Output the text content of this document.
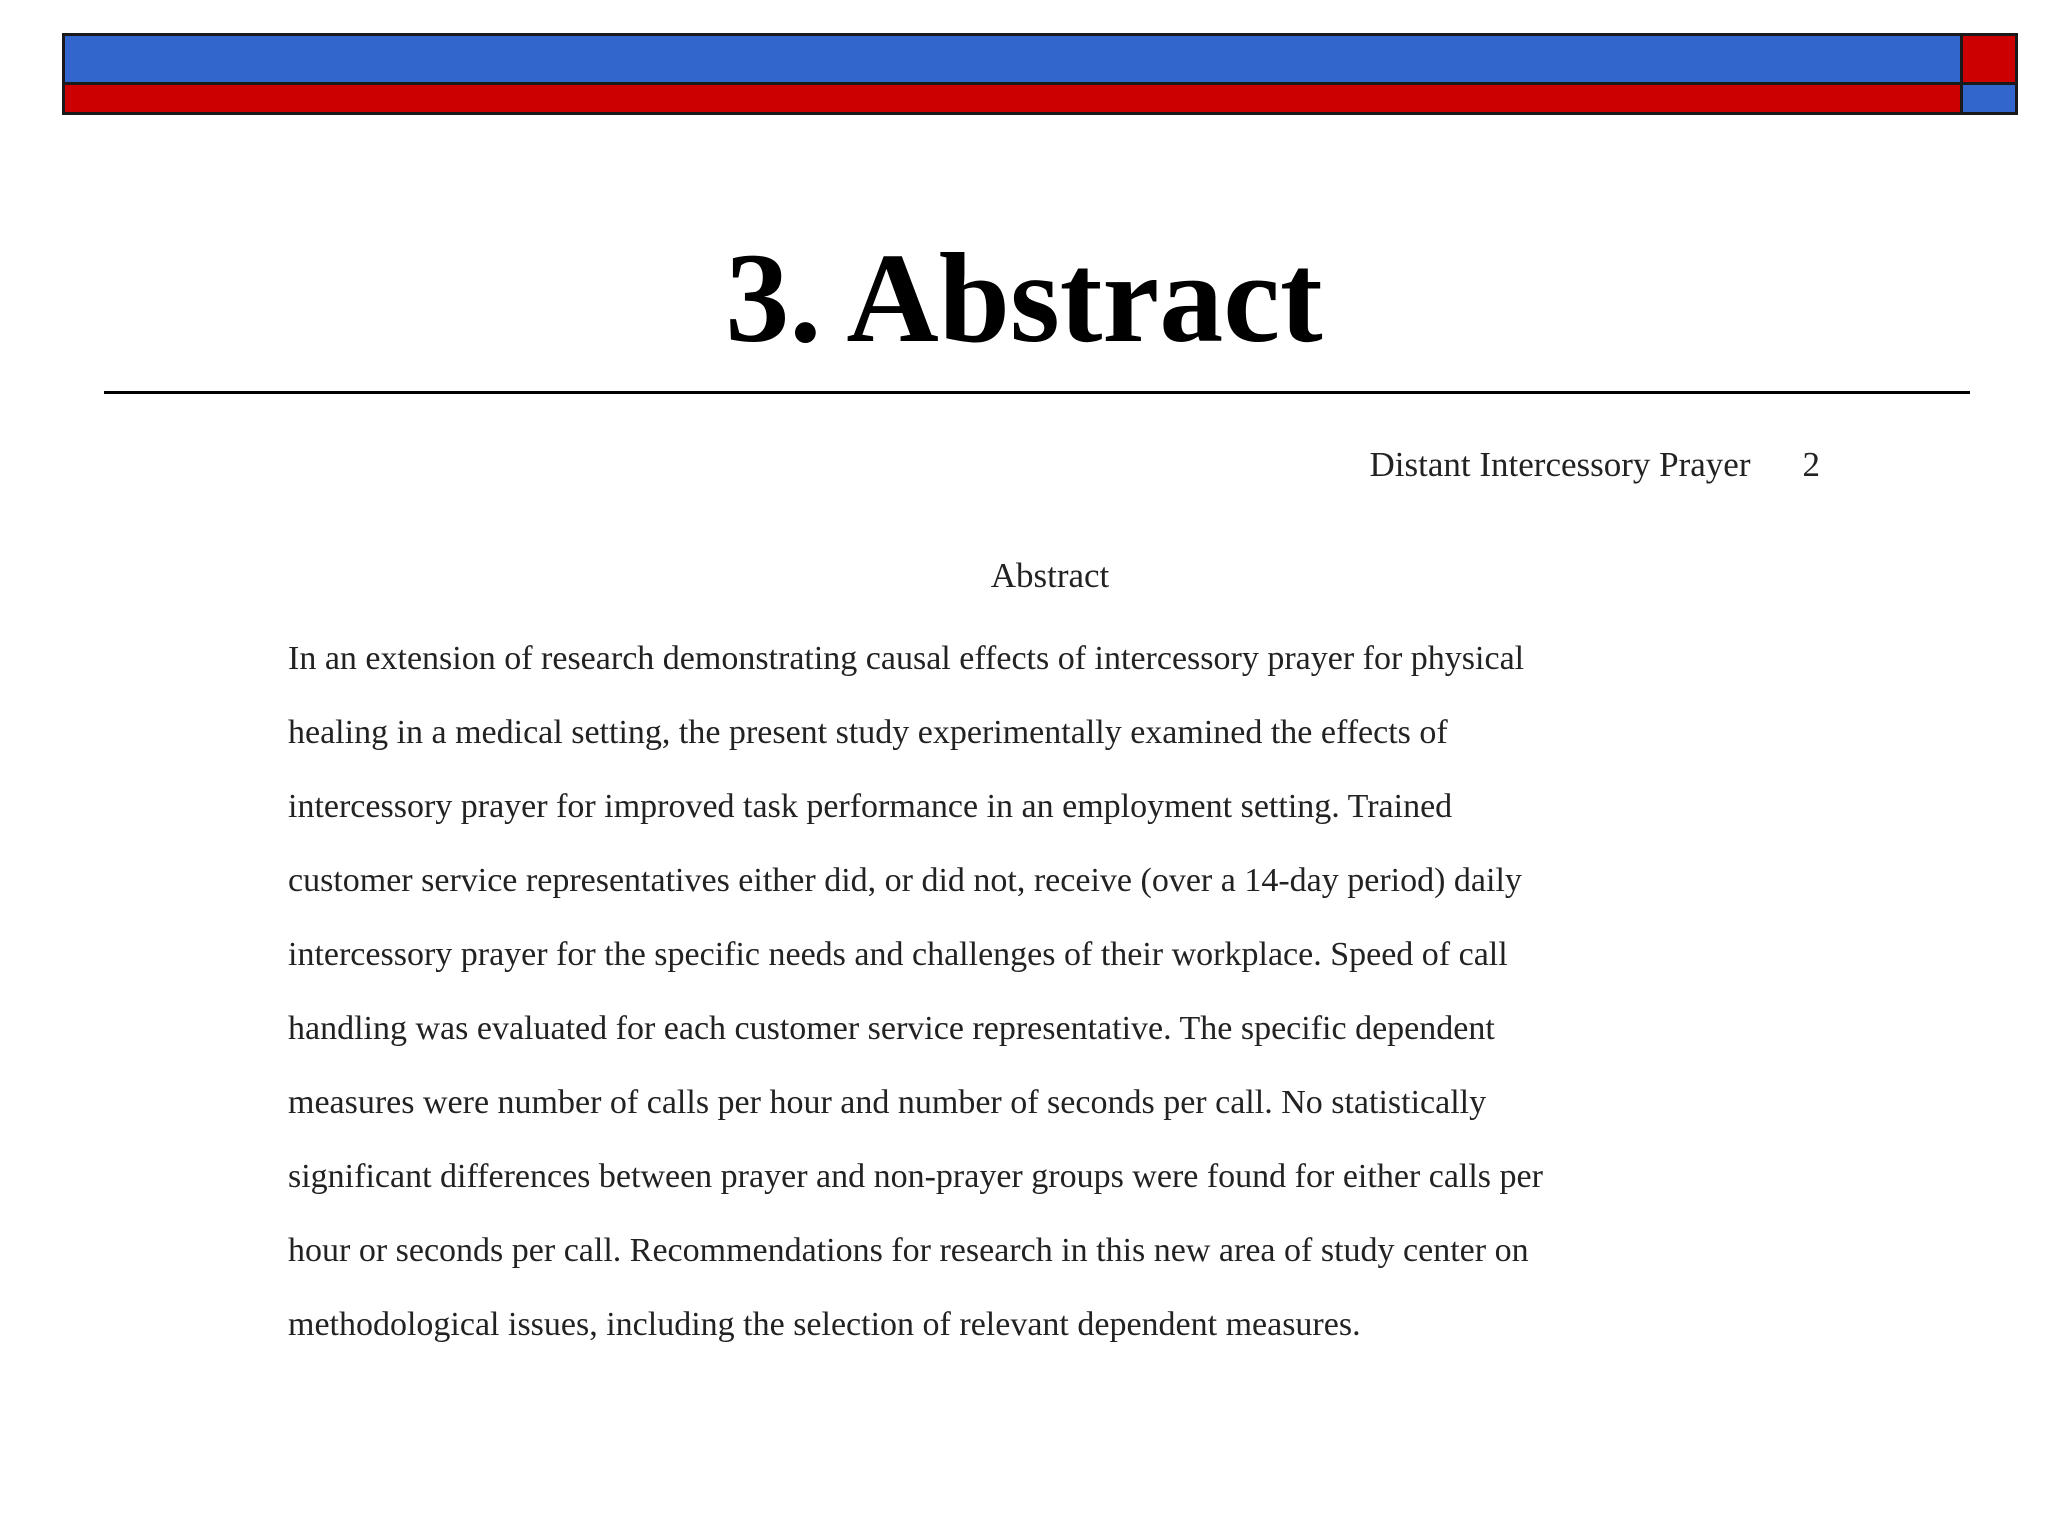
3. Abstract
Distant Intercessory Prayer 2
Abstract
In an extension of research demonstrating causal effects of intercessory prayer for physical
healing in a medical setting, the present study experimentally examined the effects of
intercessory prayer for improved task performance in an employment setting. Trained
customer service representatives either did, or did not, receive (over a 14-day period) daily
intercessory prayer for the specific needs and challenges of their workplace. Speed of call
handling was evaluated for each customer service representative. The specific dependent
measures were number of calls per hour and number of seconds per call. No statistically
significant differences between prayer and non-prayer groups were found for either calls per
hour or seconds per call. Recommendations for research in this new area of study center on
methodological issues, including the selection of relevant dependent measures.
